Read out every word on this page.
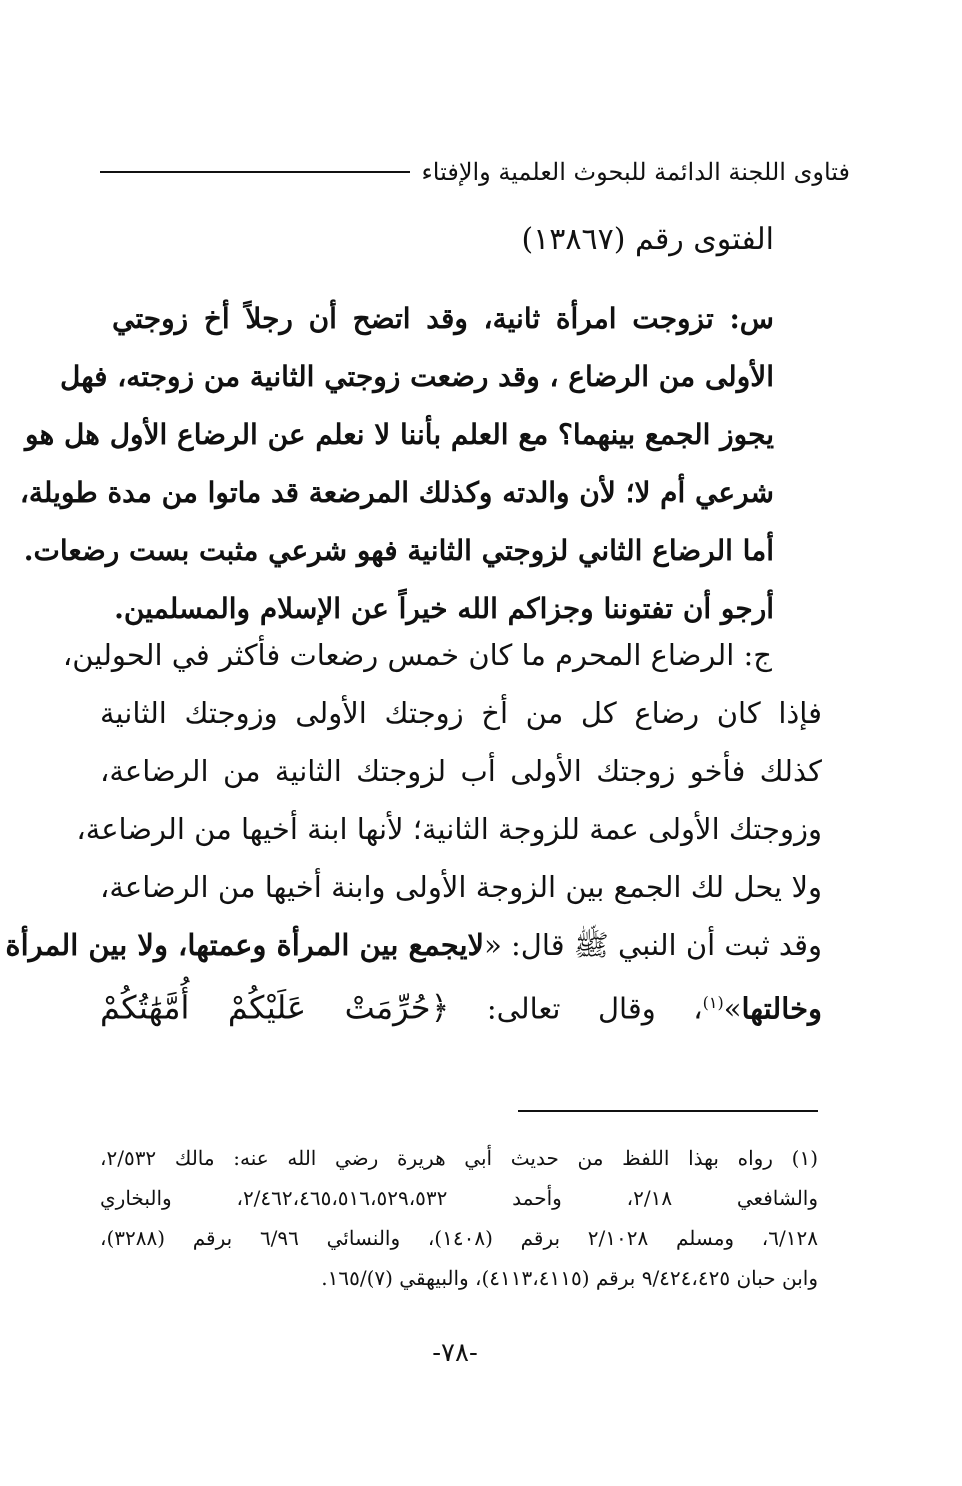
فتاوى اللجنة الدائمة للبحوث العلمية والإفتاء
الفتوى رقم (١٣٨٦٧)
س: تزوجت امرأة ثانية، وقد اتضح أن رجلاً أخ زوجتي
الأولى من الرضاع ، وقد رضعت زوجتي الثانية من زوجته، فهل
يجوز الجمع بينهما؟ مع العلم بأننا لا نعلم عن الرضاع الأول هل هو
شرعي أم لا؛ لأن والدته وكذلك المرضعة قد ماتوا من مدة طويلة،
أما الرضاع الثاني لزوجتي الثانية فهو شرعي مثبت بست رضعات.
أرجو أن تفتوننا وجزاكم الله خيراً عن الإسلام والمسلمين.
ج: الرضاع المحرم ما كان خمس رضعات فأكثر في الحولين،
فإذا كان رضاع كل من أخ زوجتك الأولى وزوجتك الثانية
كذلك فأخو زوجتك الأولى أب لزوجتك الثانية من الرضاعة،
وزوجتك الأولى عمة للزوجة الثانية؛ لأنها ابنة أخيها من الرضاعة،
ولا يحل لك الجمع بين الزوجة الأولى وابنة أخيها من الرضاعة،
وقد ثبت أن النبي ﷺ قال: «لايجمع بين المرأة وعمتها، ولا بين المرأة
وخالتها»$^{(١)}$، وقال تعالى: ﴿حُرِّمَتْ عَلَيْكُمْ أُمَّهَٰتُكُمْ
(١) رواه بهذا اللفظ من حديث أبي هريرة رضي الله عنه: مالك ٢/٥٣٢،
والشافعي ٢/١٨، وأحمد ٢/٤٦٢،٤٦٥،٥١٦،٥٢٩،٥٣٢، والبخاري
٦/١٢٨، ومسلم ٢/١٠٢٨ برقم (١٤٠٨)، والنسائي ٦/٩٦ برقم (٣٢٨٨)،
وابن حبان ٩/٤٢٤،٤٢٥ برقم (٤١١٣،٤١١٥)، والبيهقي (٧)/١٦٥.
-٧٨-
